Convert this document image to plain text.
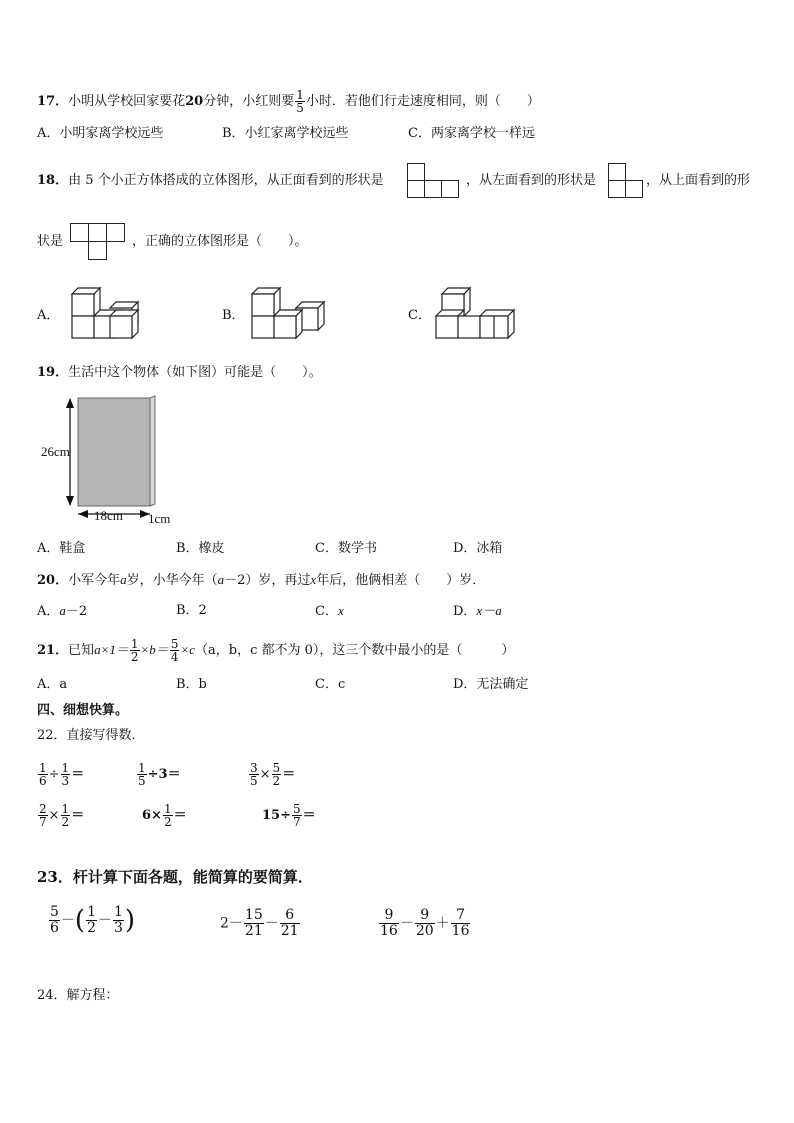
17．小明从学校回家要花20分钟，小红则要 $\frac{1}{5}$ 小时．若他们行走速度相同，则（　　）
A．小明家离学校远些	B．小红家离学校远些	C．两家离学校一样远
18．由 5 个小正方体搭成的立体图形，从正面看到的形状是	，从左面看到的形状是	，从上面看到的形
状是	，正确的立体图形是（　　）。
A．	B．	C．
19．生活中这个物体（如下图）可能是（　　）。
26cm
18cm 1cm
A．鞋盒	B．橡皮	C．数学书	D．冰箱
20．小军今年a岁，小华今年（a－2）岁，再过x年后，他俩相差（　　）岁．
A．a－2	B．2	C．x	D．x－a
21．已知$a\times 1= \frac{1}{2} \times b= \frac{5}{4} \times c(a$，b，c 都不为 0），这三个数中最小的是（　　　）
A．a	B．b	C．c	D．无法确定
四、细想快算。
22．直接写得数．
$\frac{1}{6} \div \frac{1}{3}$ ＝	$\frac{1}{5} \div 3=$	$\frac{3}{5} \times \frac{5}{2}$ ＝
$\frac{2}{7} \times \frac{1}{2}$ ＝	$6\times \frac{1}{2}$ ＝	$15\div \frac{5}{7}$ ＝
23．杆计算下面各题，能简算的要简算．
$\frac{5}{6}$ －( $\frac{1}{2} - \frac{1}{3}$ )	$2- \frac{15}{21} - \frac{6}{21}$	$\frac{9}{16} - \frac{9}{20} + \frac{7}{16}$
24．解方程：
